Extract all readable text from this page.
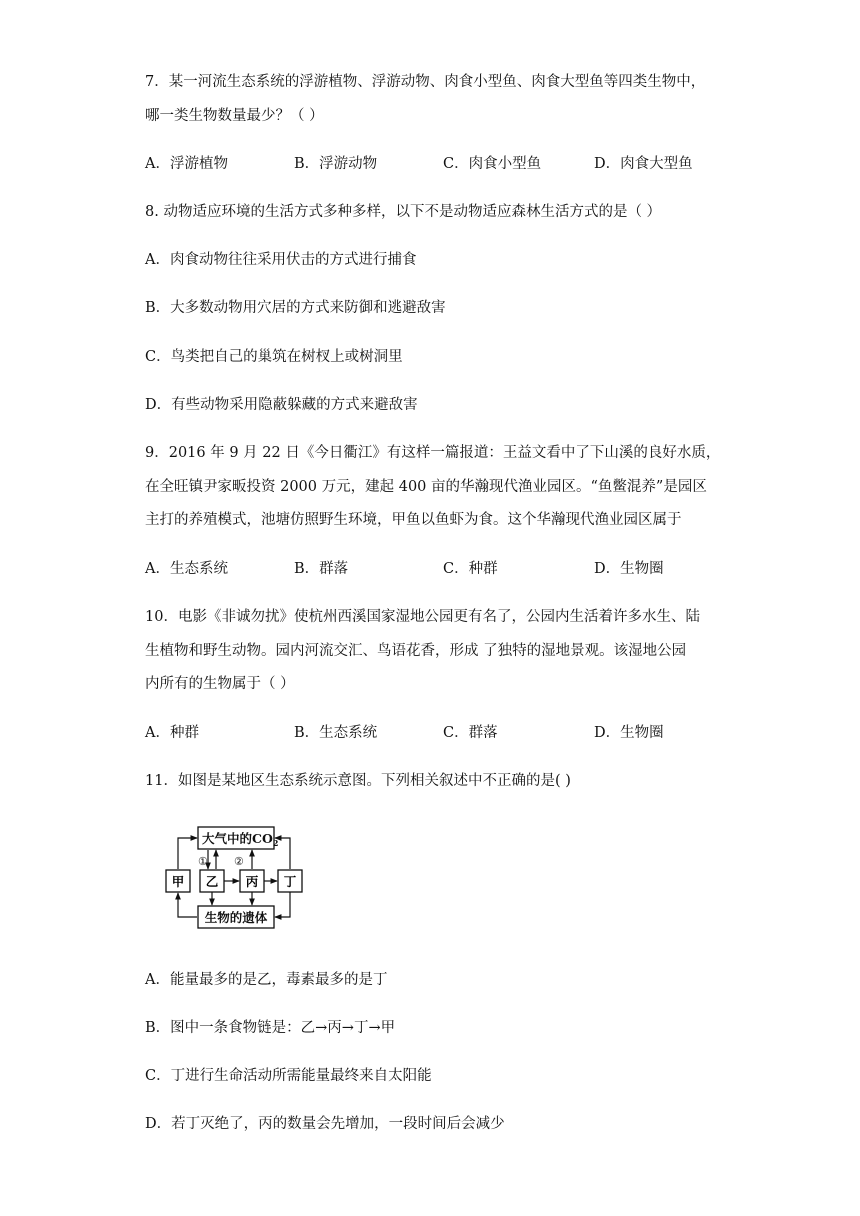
7．某一河流生态系统的浮游植物、浮游动物、肉食小型鱼、肉食大型鱼等四类生物中，
哪一类生物数量最少？（ ）
A．浮游植物	B．浮游动物	C．肉食小型鱼	D．肉食大型鱼
8. 动物适应环境的生活方式多种多样，以下不是动物适应森林生活方式的是（ ）
A．肉食动物往往采用伏击的方式进行捕食
B．大多数动物用穴居的方式来防御和逃避敌害
C．鸟类把自己的巢筑在树杈上或树洞里
D．有些动物采用隐蔽躲藏的方式来避敌害
9．2016 年 9 月 22 日《今日衢江》有这样一篇报道：王益文看中了下山溪的良好水质，
在全旺镇尹家畈投资 2000 万元，建起 400 亩的华瀚现代渔业园区。“鱼鳖混养”是园区
主打的养殖模式，池塘仿照野生环境，甲鱼以鱼虾为食。这个华瀚现代渔业园区属于
A．生态系统	B．群落	C．种群	D．生物圈
10．电影《非诚勿扰》使杭州西溪国家湿地公园更有名了，公园内生活着许多水生、陆
生植物和野生动物。园内河流交汇、鸟语花香，形成 了独特的湿地景观。该湿地公园
内所有的生物属于（ ）
A．种群	B．生态系统	C．群落	D．生物圈
11．如图是某地区生态系统示意图。下列相关叙述中不正确的是( )
大气中的$CO_2$
生物的遗体
甲 乙 丙 丁
① ②
A．能量最多的是乙，毒素最多的是丁
B．图中一条食物链是：乙→丙→丁→甲
C．丁进行生命活动所需能量最终来自太阳能
D．若丁灭绝了，丙的数量会先增加，一段时间后会减少
